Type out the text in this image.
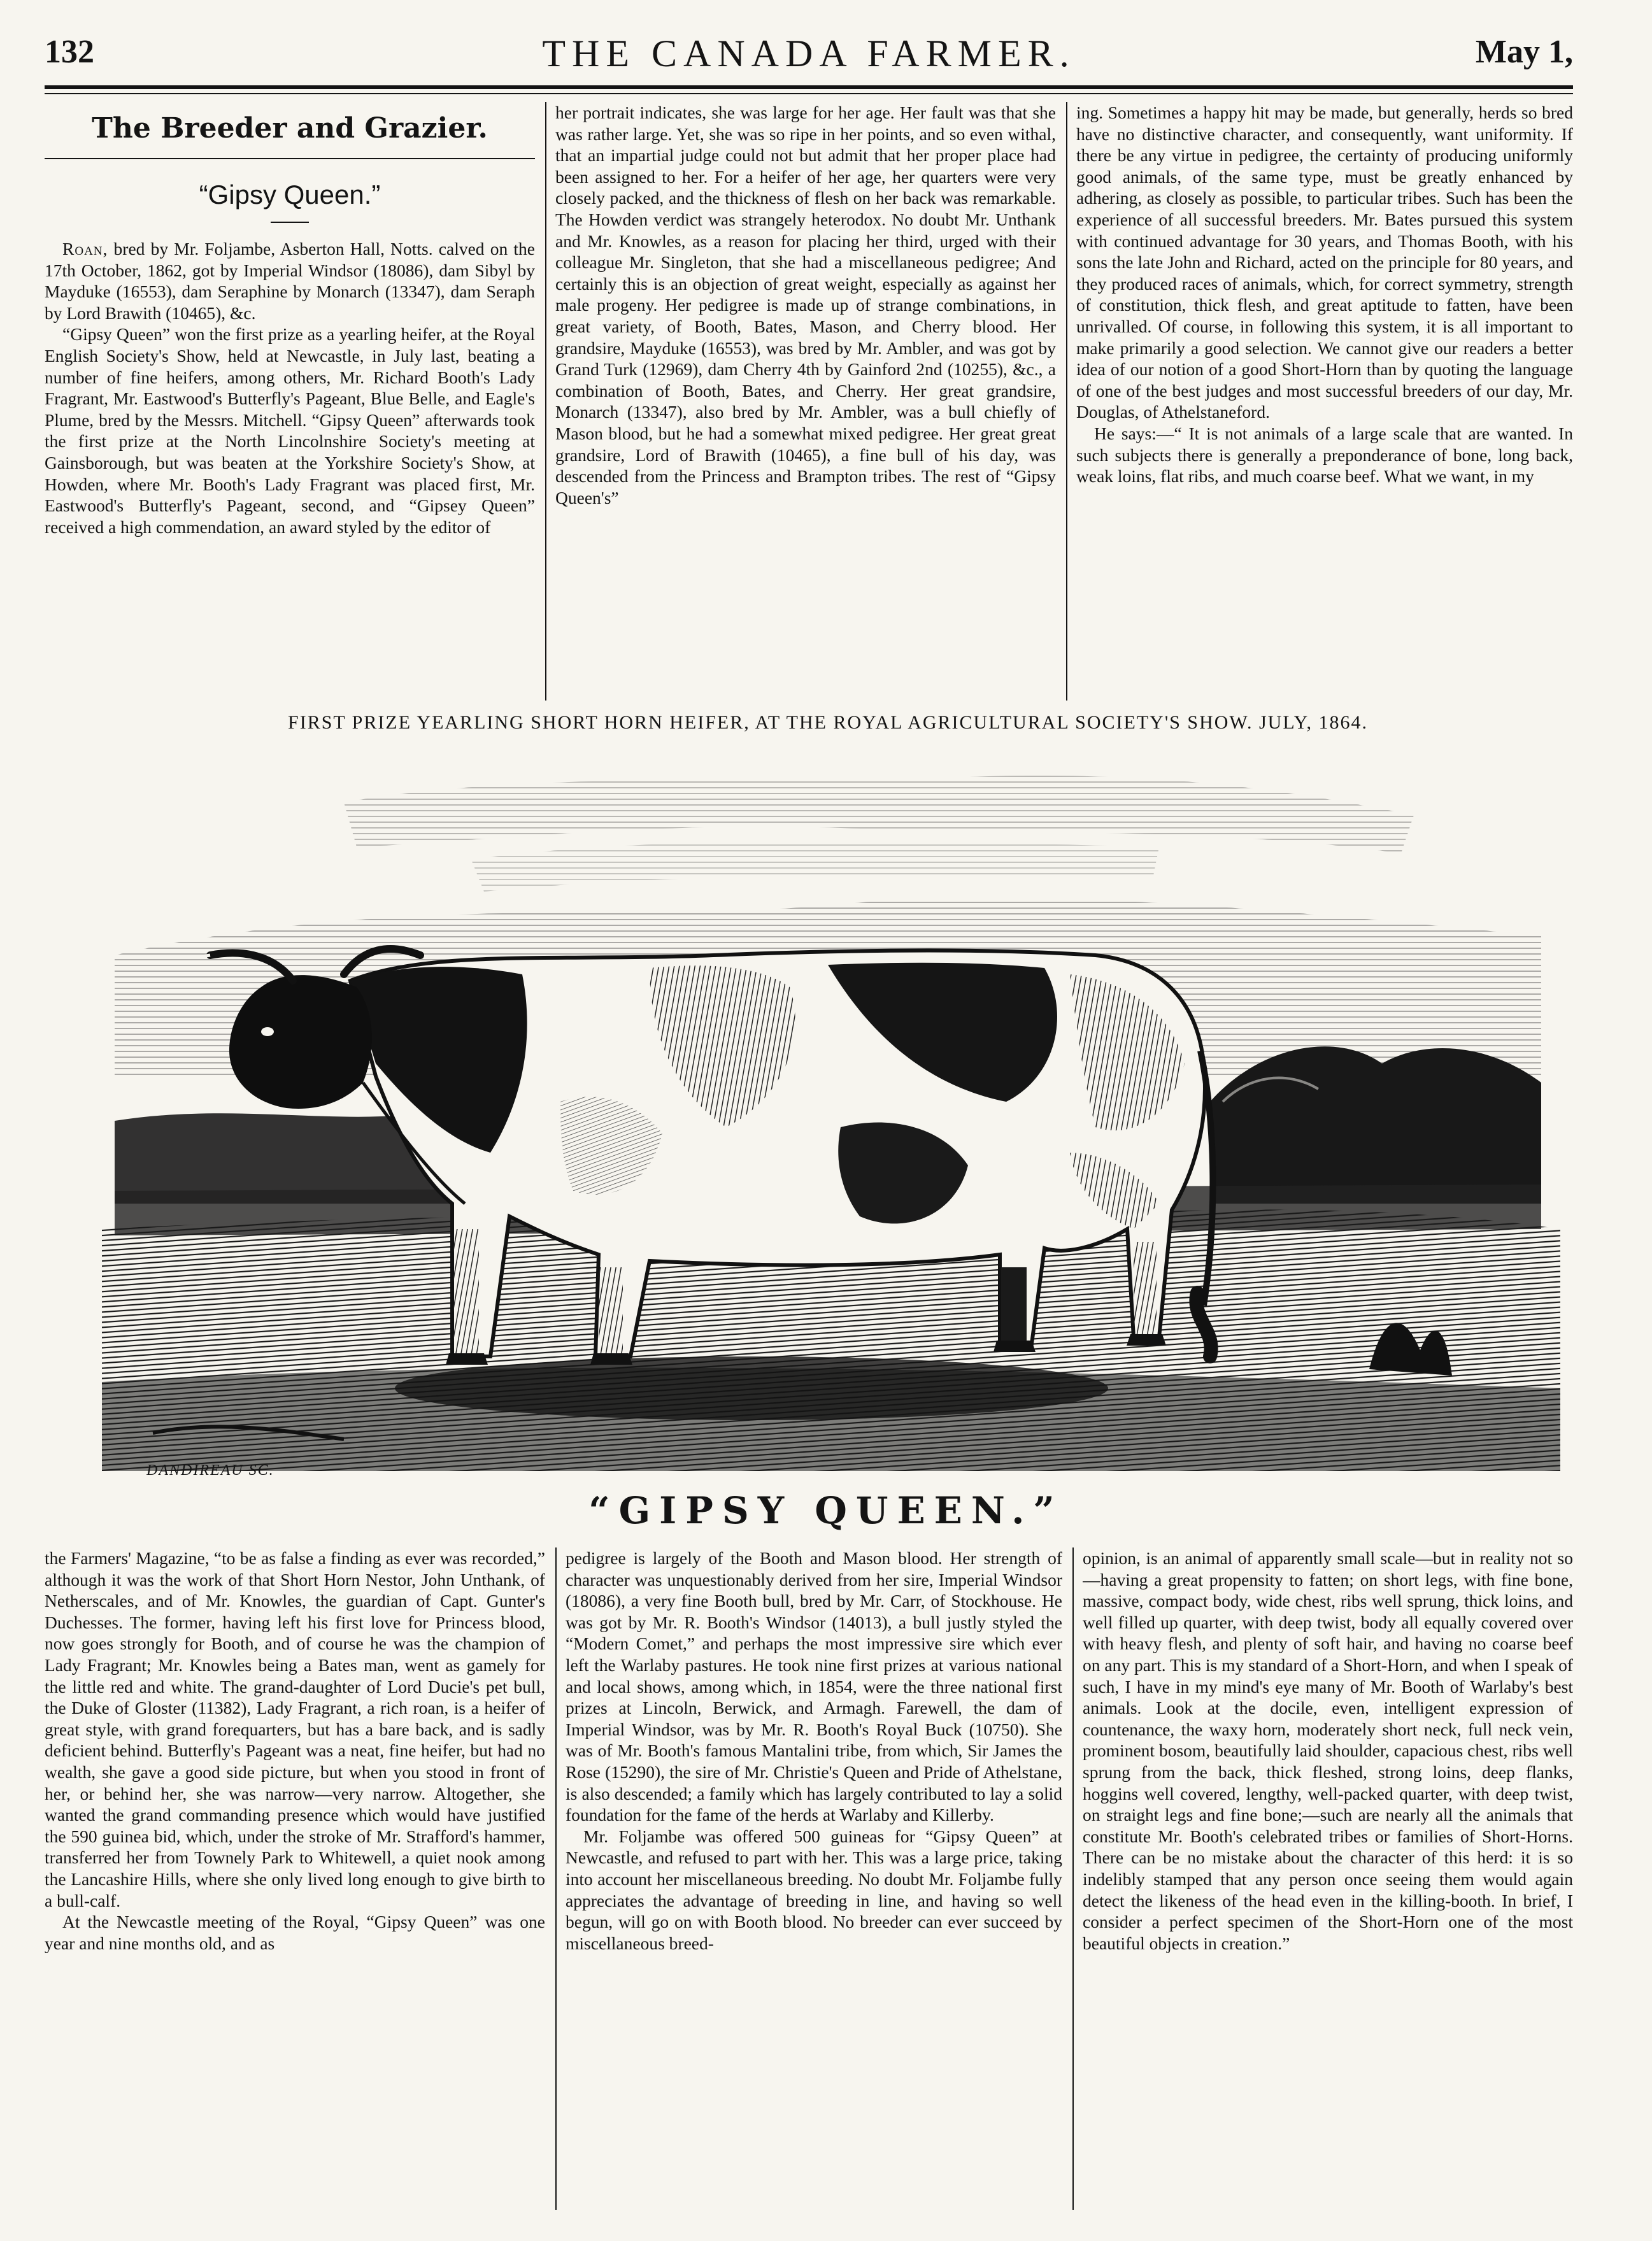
132	THE CANADA FARMER.	May 1,
The Breeder and Grazier.
“Gipsy Queen.”

Roan, bred by Mr. Foljambe, Asberton Hall, Notts. calved on the 17th October, 1862, got by Imperial Windsor (18086), dam Sibyl by Mayduke (16553), dam Seraphine by Monarch (13347), dam Seraph by Lord Brawith (10465), &c.

“Gipsy Queen” won the first prize as a yearling heifer, at the Royal English Society's Show, held at Newcastle, in July last, beating a number of fine heifers, among others, Mr. Richard Booth's Lady Fragrant, Mr. Eastwood's Butterfly's Pageant, Blue Belle, and Eagle's Plume, bred by the Messrs. Mitchell. “Gipsy Queen” afterwards took the first prize at the North Lincolnshire Society's meeting at Gainsborough, but was beaten at the Yorkshire Society's Show, at Howden, where Mr. Booth's Lady Fragrant was placed first, Mr. Eastwood's Butterfly's Pageant, second, and “Gipsey Queen” received a high commendation, an award styled by the editor of

her portrait indicates, she was large for her age. Her fault was that she was rather large. Yet, she was so ripe in her points, and so even withal, that an impartial judge could not but admit that her proper place had been assigned to her. For a heifer of her age, her quarters were very closely packed, and the thickness of flesh on her back was remarkable. The Howden verdict was strangely heterodox. No doubt Mr. Unthank and Mr. Knowles, as a reason for placing her third, urged with their colleague Mr. Singleton, that she had a miscellaneous pedigree; And certainly this is an objection of great weight, especially as against her male progeny. Her pedigree is made up of strange combinations, in great variety, of Booth, Bates, Mason, and Cherry blood. Her grandsire, Mayduke (16553), was bred by Mr. Ambler, and was got by Grand Turk (12969), dam Cherry 4th by Gainford 2nd (10255), &c., a combination of Booth, Bates, and Cherry. Her great grandsire, Monarch (13347), also bred by Mr. Ambler, was a bull chiefly of Mason blood, but he had a somewhat mixed pedigree. Her great great grandsire, Lord of Brawith (10465), a fine bull of his day, was descended from the Princess and Brampton tribes. The rest of “Gipsy Queen's”

ing. Sometimes a happy hit may be made, but generally, herds so bred have no distinctive character, and consequently, want uniformity. If there be any virtue in pedigree, the certainty of producing uniformly good animals, of the same type, must be greatly enhanced by adhering, as closely as possible, to particular tribes. Such has been the experience of all successful breeders. Mr. Bates pursued this system with continued advantage for 30 years, and Thomas Booth, with his sons the late John and Richard, acted on the principle for 80 years, and they produced races of animals, which, for correct symmetry, strength of constitution, thick flesh, and great aptitude to fatten, have been unrivalled. Of course, in following this system, it is all important to make primarily a good selection. We cannot give our readers a better idea of our notion of a good Short-Horn than by quoting the language of one of the best judges and most successful breeders of our day, Mr. Douglas, of Athelstaneford.

He says:—“ It is not animals of a large scale that are wanted. In such subjects there is generally a preponderance of bone, long back, weak loins, flat ribs, and much coarse beef. What we want, in my

FIRST PRIZE YEARLING SHORT HORN HEIFER, AT THE ROYAL AGRICULTURAL SOCIETY'S SHOW. JULY, 1864.
DANDIREAU SC.
“GIPSY QUEEN.”

the Farmers' Magazine, “to be as false a finding as ever was recorded,” although it was the work of that Short Horn Nestor, John Unthank, of Netherscales, and of Mr. Knowles, the guardian of Capt. Gunter's Duchesses. The former, having left his first love for Princess blood, now goes strongly for Booth, and of course he was the champion of Lady Fragrant; Mr. Knowles being a Bates man, went as gamely for the little red and white. The grand-daughter of Lord Ducie's pet bull, the Duke of Gloster (11382), Lady Fragrant, a rich roan, is a heifer of great style, with grand forequarters, but has a bare back, and is sadly deficient behind. Butterfly's Pageant was a neat, fine heifer, but had no wealth, she gave a good side picture, but when you stood in front of her, or behind her, she was narrow—very narrow. Altogether, she wanted the grand commanding presence which would have justified the 590 guinea bid, which, under the stroke of Mr. Strafford's hammer, transferred her from Townely Park to Whitewell, a quiet nook among the Lancashire Hills, where she only lived long enough to give birth to a bull-calf.

At the Newcastle meeting of the Royal, “Gipsy Queen” was one year and nine months old, and as

pedigree is largely of the Booth and Mason blood. Her strength of character was unquestionably derived from her sire, Imperial Windsor (18086), a very fine Booth bull, bred by Mr. Carr, of Stockhouse. He was got by Mr. R. Booth's Windsor (14013), a bull justly styled the “Modern Comet,” and perhaps the most impressive sire which ever left the Warlaby pastures. He took nine first prizes at various national and local shows, among which, in 1854, were the three national first prizes at Lincoln, Berwick, and Armagh. Farewell, the dam of Imperial Windsor, was by Mr. R. Booth's Royal Buck (10750). She was of Mr. Booth's famous Mantalini tribe, from which, Sir James the Rose (15290), the sire of Mr. Christie's Queen and Pride of Athelstane, is also descended; a family which has largely contributed to lay a solid foundation for the fame of the herds at Warlaby and Killerby.

Mr. Foljambe was offered 500 guineas for “Gipsy Queen” at Newcastle, and refused to part with her. This was a large price, taking into account her miscellaneous breeding. No doubt Mr. Foljambe fully appreciates the advantage of breeding in line, and having so well begun, will go on with Booth blood. No breeder can ever succeed by miscellaneous breed-

opinion, is an animal of apparently small scale—but in reality not so—having a great propensity to fatten; on short legs, with fine bone, massive, compact body, wide chest, ribs well sprung, thick loins, and well filled up quarter, with deep twist, body all equally covered over with heavy flesh, and plenty of soft hair, and having no coarse beef on any part. This is my standard of a Short-Horn, and when I speak of such, I have in my mind's eye many of Mr. Booth of Warlaby's best animals. Look at the docile, even, intelligent expression of countenance, the waxy horn, moderately short neck, full neck vein, prominent bosom, beautifully laid shoulder, capacious chest, ribs well sprung from the back, thick fleshed, strong loins, deep flanks, hoggins well covered, lengthy, well-packed quarter, with deep twist, on straight legs and fine bone;—such are nearly all the animals that constitute Mr. Booth's celebrated tribes or families of Short-Horns. There can be no mistake about the character of this herd: it is so indelibly stamped that any person once seeing them would again detect the likeness of the head even in the killing-booth. In brief, I consider a perfect specimen of the Short-Horn one of the most beautiful objects in creation.”
